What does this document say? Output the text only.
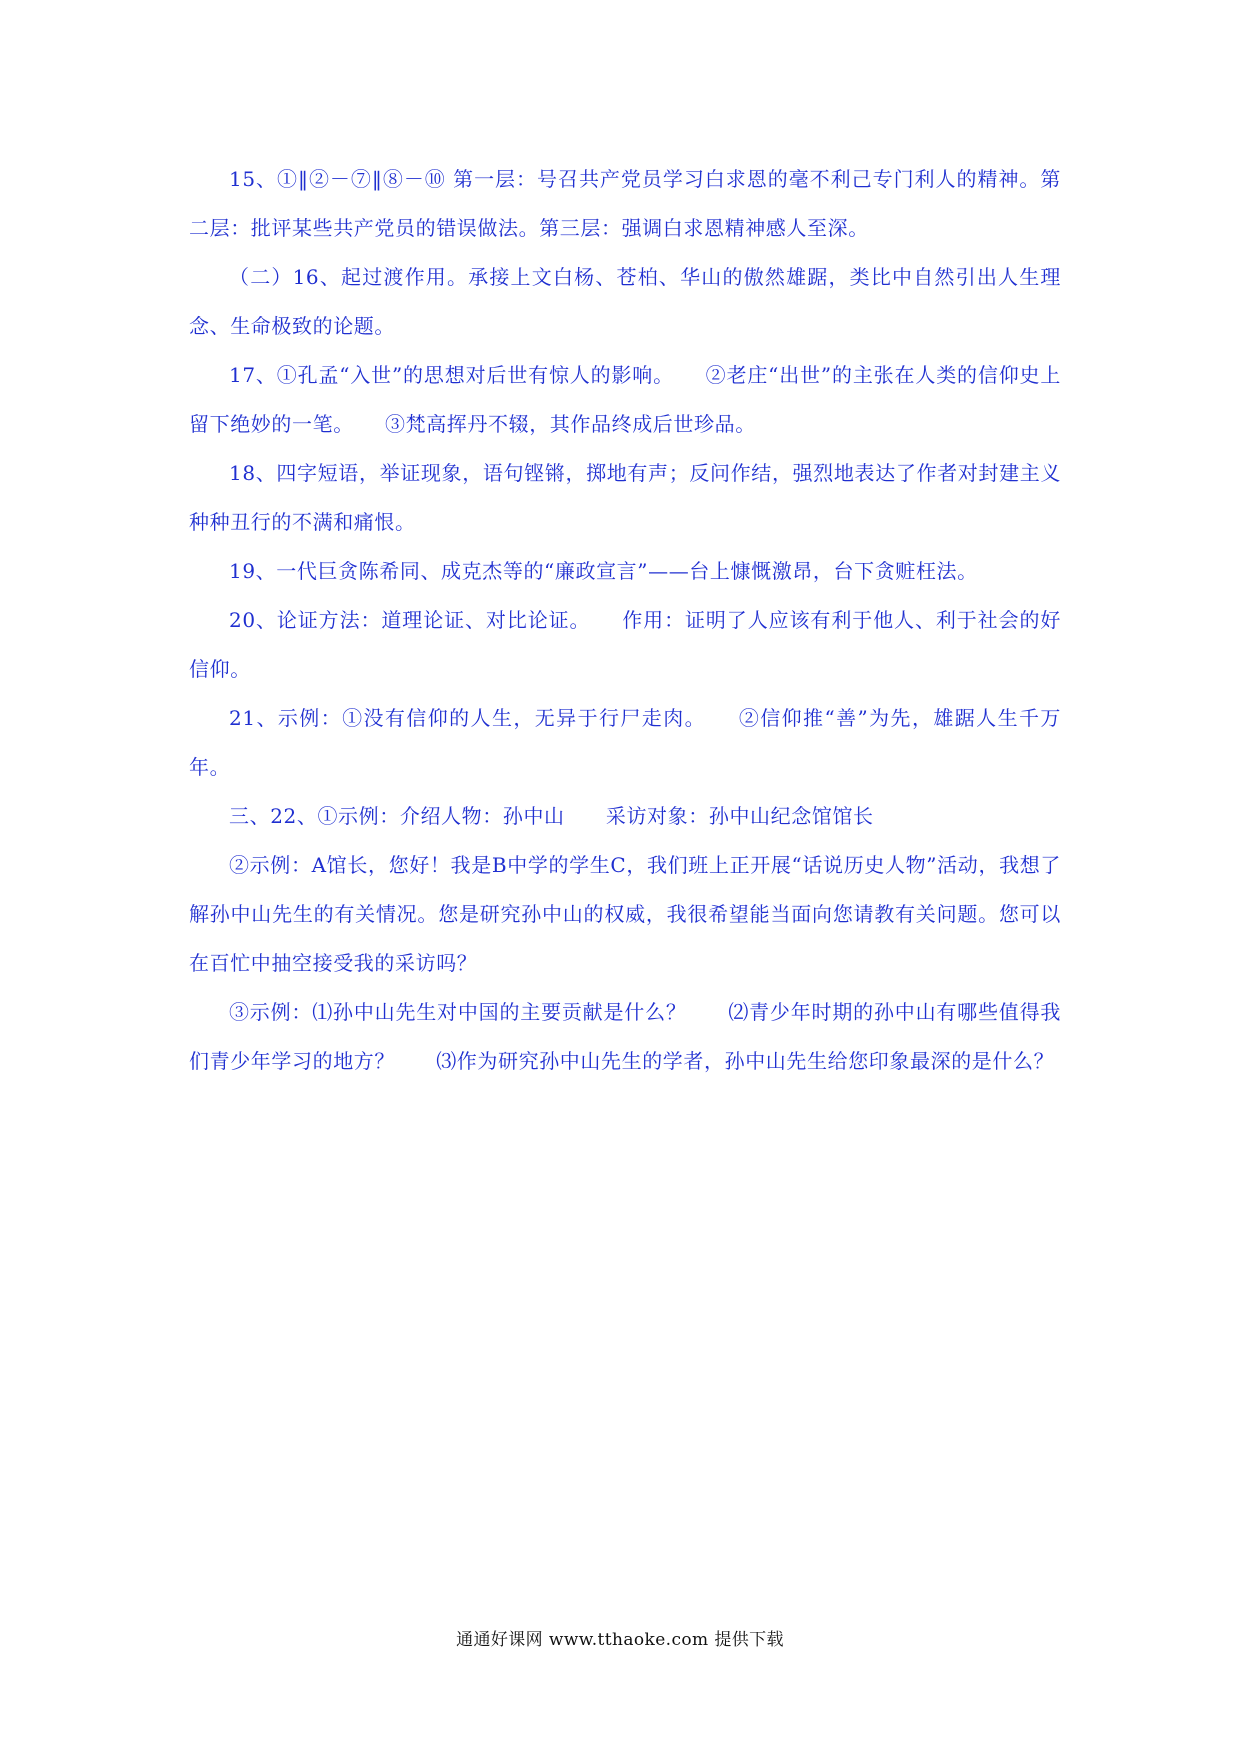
15、①‖②－⑦‖⑧－⑩ 第一层：号召共产党员学习白求恩的毫不利己专门利人的精神。第二层：批评某些共产党员的错误做法。第三层：强调白求恩精神感人至深。

（二）16、起过渡作用。承接上文白杨、苍柏、华山的傲然雄踞，类比中自然引出人生理念、生命极致的论题。

17、①孔孟“入世”的思想对后世有惊人的影响。　　②老庄“出世”的主张在人类的信仰史上留下绝妙的一笔。　　③梵高挥丹不辍，其作品终成后世珍品。

18、四字短语，举证现象，语句铿锵，掷地有声；反问作结，强烈地表达了作者对封建主义种种丑行的不满和痛恨。

19、一代巨贪陈希同、成克杰等的“廉政宣言”——台上慷慨激昂，台下贪赃枉法。

20、论证方法：道理论证、对比论证。　　作用：证明了人应该有利于他人、利于社会的好信仰。

21、示例：①没有信仰的人生，无异于行尸走肉。　　②信仰推“善”为先，雄踞人生千万年。

三、22、①示例：介绍人物：孙中山　　采访对象：孙中山纪念馆馆长

②示例：A馆长，您好！我是B中学的学生C，我们班上正开展“话说历史人物”活动，我想了解孙中山先生的有关情况。您是研究孙中山的权威，我很希望能当面向您请教有关问题。您可以在百忙中抽空接受我的采访吗？

③示例：⑴孙中山先生对中国的主要贡献是什么？　　⑵青少年时期的孙中山有哪些值得我们青少年学习的地方？　　⑶作为研究孙中山先生的学者，孙中山先生给您印象最深的是什么？

通通好课网 www.tthaoke.com 提供下载
